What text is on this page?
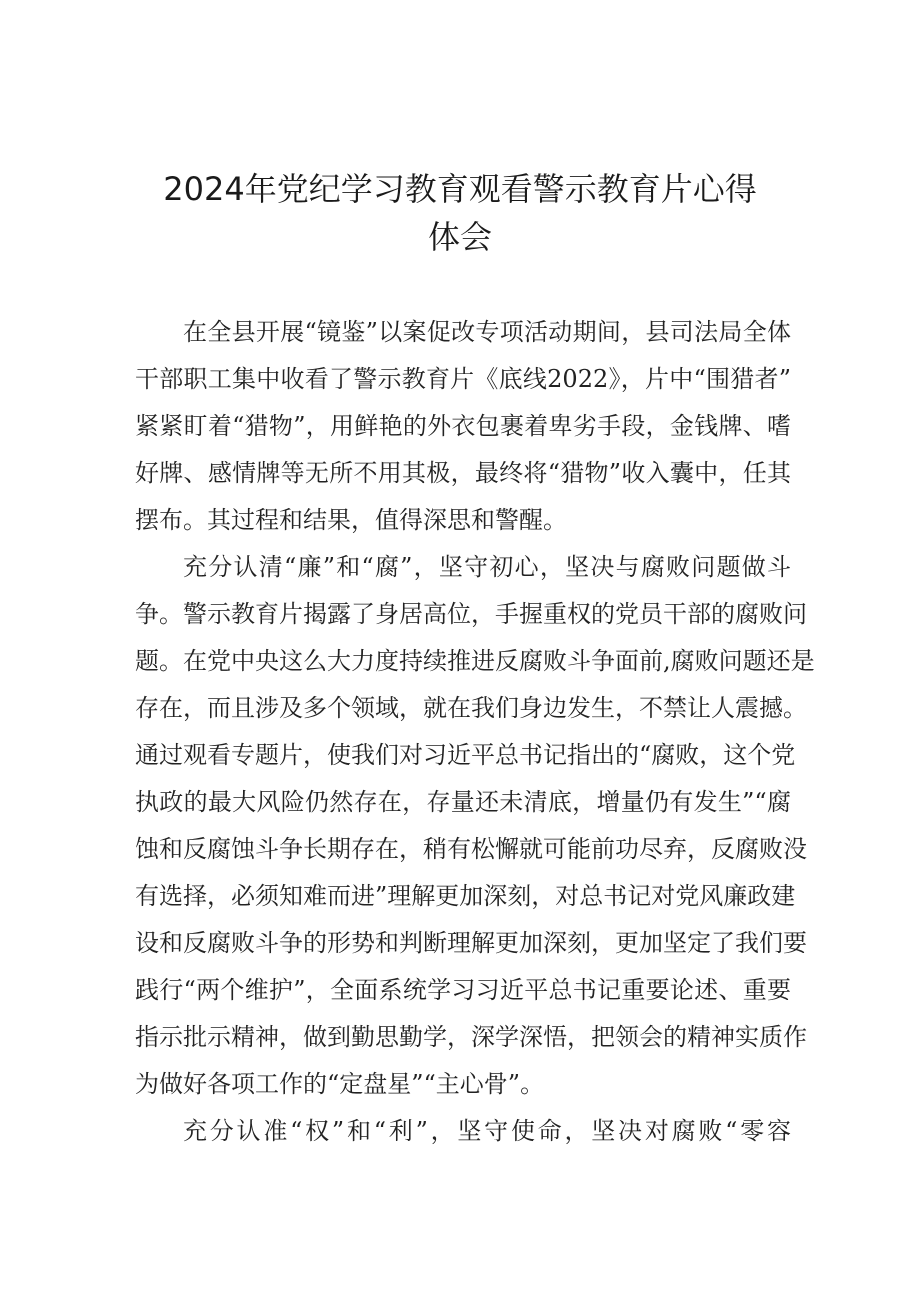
2024年党纪学习教育观看警示教育片心得
体会
在全县开展“镜鉴”以案促改专项活动期间，县司法局全体
干部职工集中收看了警示教育片《底线2022》，片中“围猎者”
紧紧盯着“猎物”，用鲜艳的外衣包裹着卑劣手段，金钱牌、嗜
好牌、感情牌等无所不用其极，最终将“猎物”收入囊中，任其
摆布。其过程和结果，值得深思和警醒。
充分认清“廉”和“腐”，坚守初心，坚决与腐败问题做斗
争。警示教育片揭露了身居高位，手握重权的党员干部的腐败问
题。在党中央这么大力度持续推进反腐败斗争面前,腐败问题还是
存在，而且涉及多个领域，就在我们身边发生，不禁让人震撼。
通过观看专题片，使我们对习近平总书记指出的“腐败，这个党
执政的最大风险仍然存在，存量还未清底，增量仍有发生”“腐
蚀和反腐蚀斗争长期存在，稍有松懈就可能前功尽弃，反腐败没
有选择，必须知难而进”理解更加深刻，对总书记对党风廉政建
设和反腐败斗争的形势和判断理解更加深刻，更加坚定了我们要
践行“两个维护”，全面系统学习习近平总书记重要论述、重要
指示批示精神，做到勤思勤学，深学深悟，把领会的精神实质作
为做好各项工作的“定盘星”“主心骨”。
充分认准“权”和“利”，坚守使命，坚决对腐败“零容
